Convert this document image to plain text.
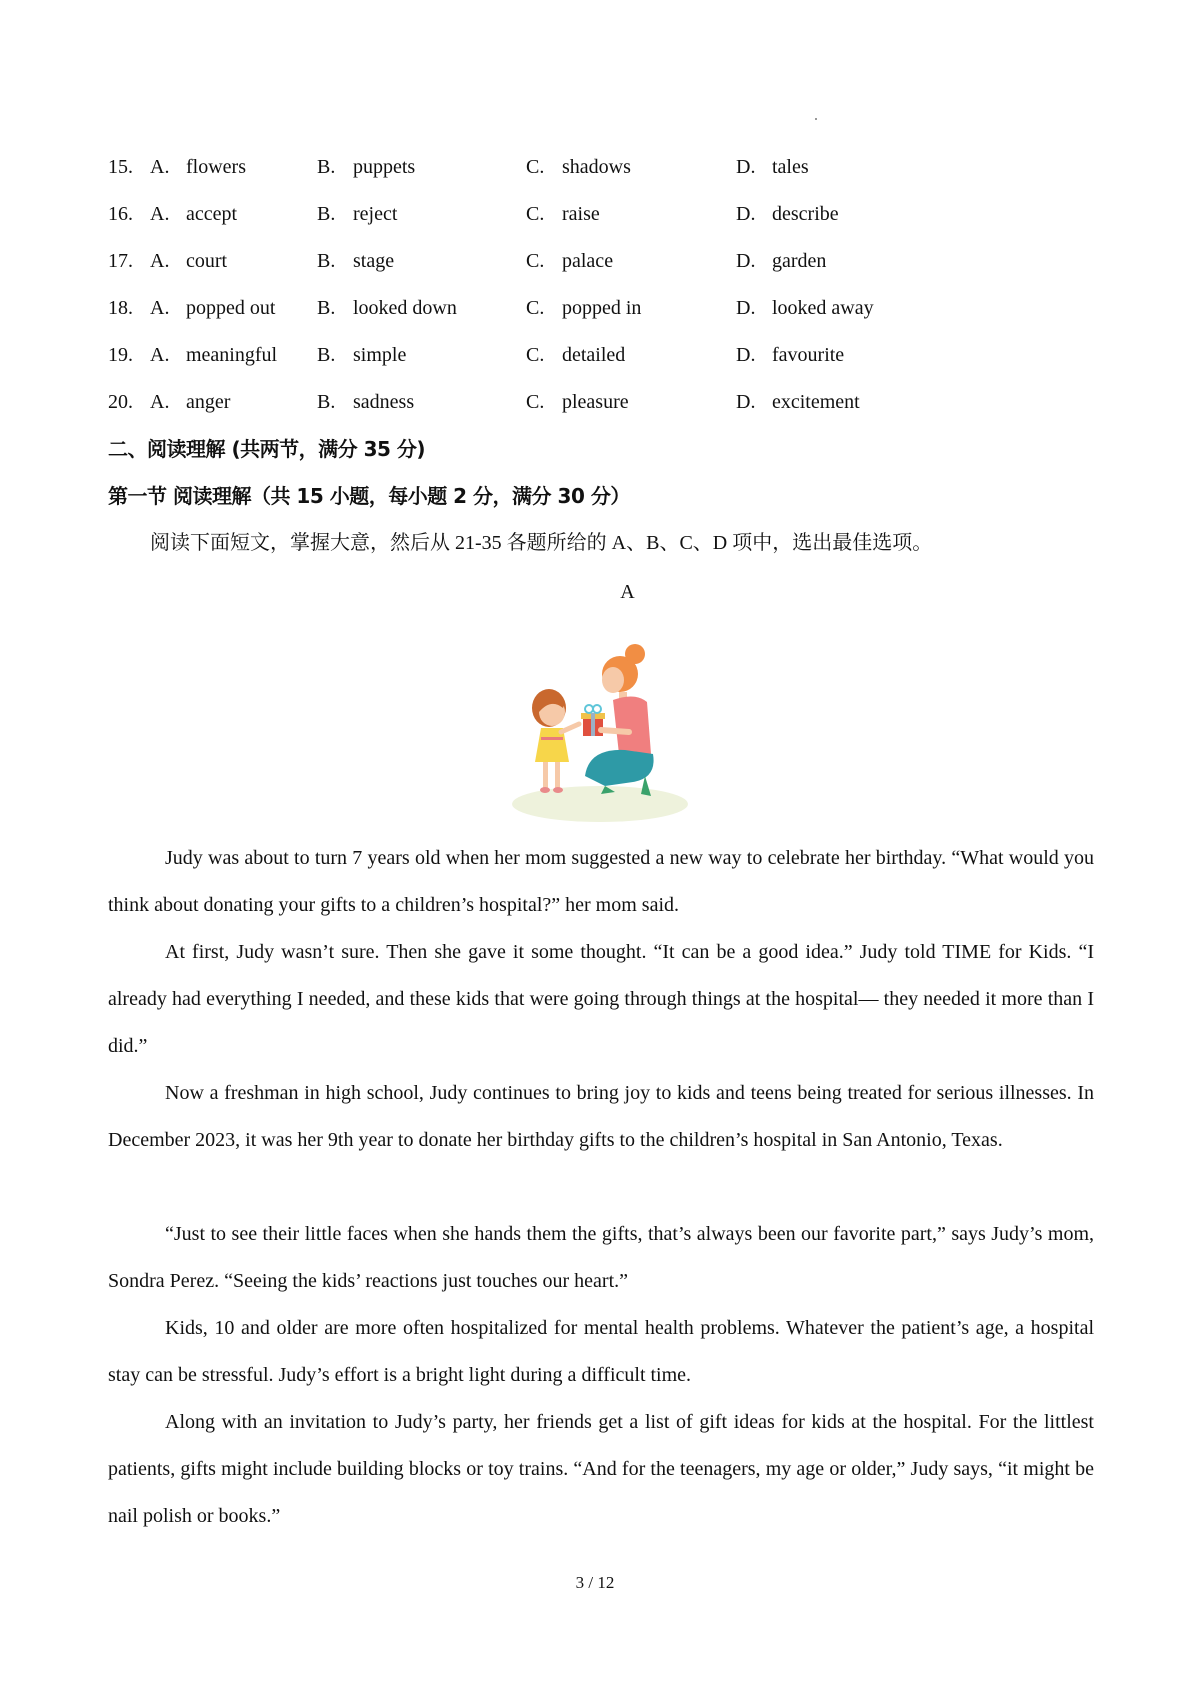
15. A. flowers	B. puppets	C. shadows	D. tales
16. A. accept	B. reject	C. raise	D. describe
17. A. court	B. stage	C. palace	D. garden
18. A. popped out B. looked down	C. popped in	D. looked away
19. A. meaningful B. simple	C. detailed	D. favourite
20. A. anger	B. sadness	C. pleasure	D. excitement
二、阅读理解 (共两节，满分 35 分)
第一节 阅读理解（共 15 小题，每小题 2 分，满分 30 分）
阅读下面短文，掌握大意，然后从 21-35 各题所给的 A、B、C、D 项中，选出最佳选项。
A

Judy was about to turn 7 years old when her mom suggested a new way to celebrate her birthday. “What would you think about donating your gifts to a children’s hospital?” her mom said.

At first, Judy wasn’t sure. Then she gave it some thought. “It can be a good idea.” Judy told TIME for Kids. “I already had everything I needed, and these kids that were going through things at the hospital— they needed it more than I did.”

Now a freshman in high school, Judy continues to bring joy to kids and teens being treated for serious illnesses. In December 2023, it was her 9th year to donate her birthday gifts to the children’s hospital in San Antonio, Texas.

“Just to see their little faces when she hands them the gifts, that’s always been our favorite part,” says Judy’s mom, Sondra Perez. “Seeing the kids’ reactions just touches our heart.”

Kids, 10 and older are more often hospitalized for mental health problems. Whatever the patient’s age, a hospital stay can be stressful. Judy’s effort is a bright light during a difficult time.

Along with an invitation to Judy’s party, her friends get a list of gift ideas for kids at the hospital. For the littlest patients, gifts might include building blocks or toy trains. “And for the teenagers, my age or older,” Judy says, “it might be nail polish or books.”

3 / 12
